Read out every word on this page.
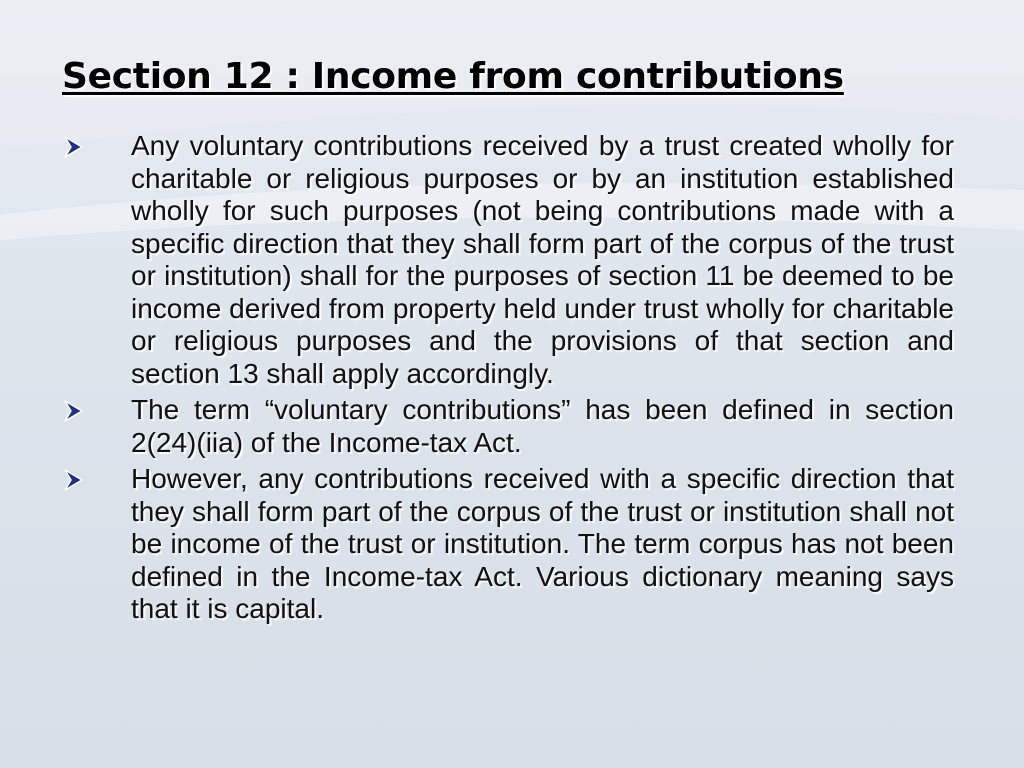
Section 12 : Income from contributions
Any voluntary contributions received by a trust created wholly for charitable or religious purposes or by an institution established wholly for such purposes (not being contributions made with a specific direction that they shall form part of the corpus of the trust or institution) shall for the purposes of section 11 be deemed to be income derived from property held under trust wholly for charitable or religious purposes and the provisions of that section and section 13 shall apply accordingly.
The term “voluntary contributions” has been defined in section 2(24)(iia) of the Income-tax Act.
However, any contributions received with a specific direction that they shall form part of the corpus of the trust or institution shall not be income of the trust or institution. The term corpus has not been defined in the Income-tax Act. Various dictionary meaning says that it is capital.
